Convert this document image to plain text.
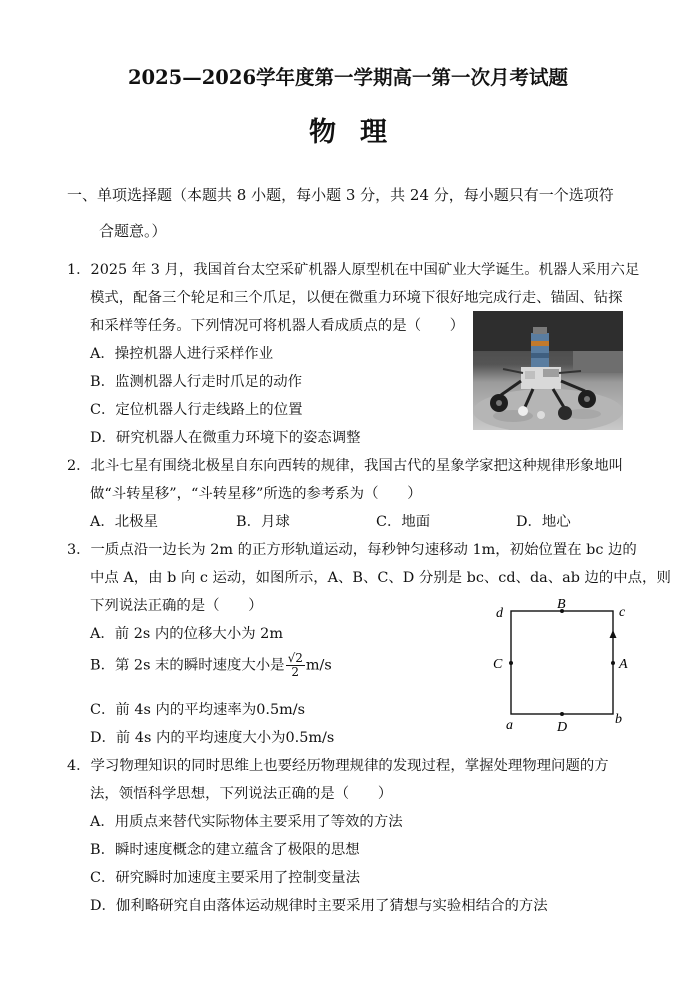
2025—2026学年度第一学期高一第一次月考试题
物理
一、单项选择题（本题共 8 小题，每小题 3 分，共 24 分，每小题只有一个选项符
合题意。）
1．2025 年 3 月，我国首台太空采矿机器人原型机在中国矿业大学诞生。机器人采用六足
模式，配备三个轮足和三个爪足，以便在微重力环境下很好地完成行走、锚固、钻探
和采样等任务。下列情况可将机器人看成质点的是（　　）
A．操控机器人进行采样作业
B．监测机器人行走时爪足的动作
C．定位机器人行走线路上的位置
D．研究机器人在微重力环境下的姿态调整
2．北斗七星有围绕北极星自东向西转的规律，我国古代的星象学家把这种规律形象地叫
做“斗转星移”，“斗转星移”所选的参考系为（　　）
A．北极星	B．月球	C．地面	D．地心
3．一质点沿一边长为 2m 的正方形轨道运动，每秒钟匀速移动 1m，初始位置在 bc 边的
中点 A，由 b 向 c 运动，如图所示，A、B、C、D 分别是 bc、cd、da、ab 边的中点，则
下列说法正确的是（　　）
A．前 2s 内的位移大小为 2m
B．第 2s 末的瞬时速度大小是 $\frac{√2}{2} m/s$
C．前 4s 内的平均速率为0.5m/s
D．前 4s 内的平均速度大小为0.5m/s
d
B
c
C	A
a	D
b
4．学习物理知识的同时思维上也要经历物理规律的发现过程，掌握处理物理问题的方
法，领悟科学思想，下列说法正确的是（　　）
A．用质点来替代实际物体主要采用了等效的方法
B．瞬时速度概念的建立蕴含了极限的思想
C．研究瞬时加速度主要采用了控制变量法
D．伽利略研究自由落体运动规律时主要采用了猜想与实验相结合的方法
